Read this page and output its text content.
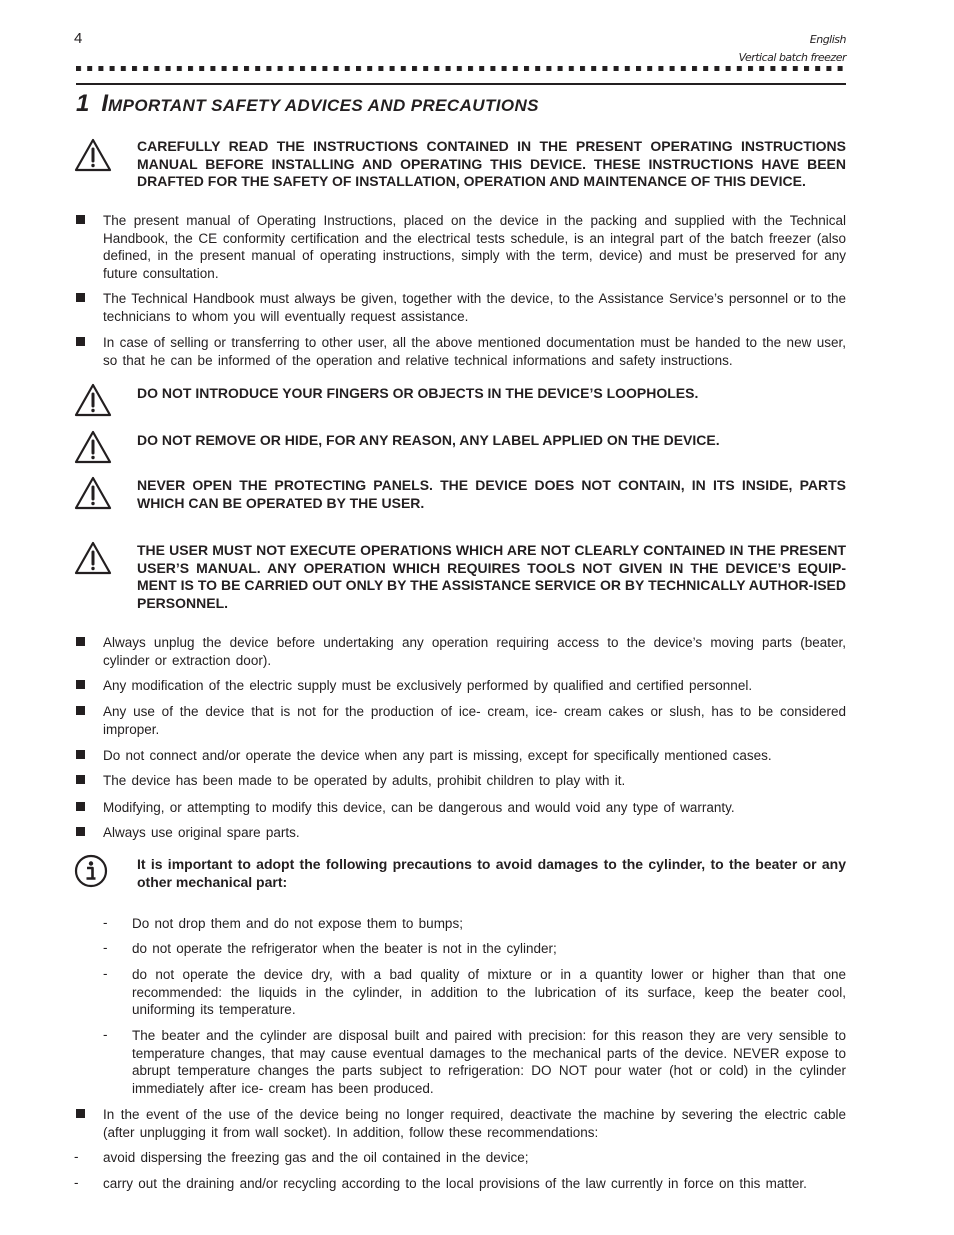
4	English
Vertical batch freezer
1 IMPORTANT SAFETY ADVICES AND PRECAUTIONS
CAREFULLY READ THE INSTRUCTIONS CONTAINED IN THE PRESENT OPERATING INSTRUCTIONS MANUAL BEFORE INSTALLING AND OPERATING THIS DEVICE. THESE INSTRUCTIONS HAVE BEEN DRAFTED FOR THE SAFETY OF INSTALLATION, OPERATION AND MAINTENANCE OF THIS DEVICE.
The present manual of Operating Instructions, placed on the device in the packing and supplied with the Technical Handbook, the CE conformity certification and the electrical tests schedule, is an integral part of the batch freezer (also defined, in the present manual of operating instructions, simply with the term, device) and must be preserved for any future consultation.
The Technical Handbook must always be given, together with the device, to the Assistance Service’s personnel or to the technicians to whom you will eventually request assistance.
In case of selling or transferring to other user, all the above mentioned documentation must be handed to the new user, so that he can be informed of the operation and relative technical informations and safety instructions.
DO NOT INTRODUCE YOUR FINGERS OR OBJECTS IN THE DEVICE’S LOOPHOLES.
DO NOT REMOVE OR HIDE, FOR ANY REASON, ANY LABEL APPLIED ON THE DEVICE.
NEVER OPEN THE PROTECTING PANELS. THE DEVICE DOES NOT CONTAIN, IN ITS INSIDE, PARTS WHICH CAN BE OPERATED BY THE USER.
THE USER MUST NOT EXECUTE OPERATIONS WHICH ARE NOT CLEARLY CONTAINED IN THE PRESENT USER’S MANUAL. ANY OPERATION WHICH REQUIRES TOOLS NOT GIVEN IN THE DEVICE’S EQUIP-MENT IS TO BE CARRIED OUT ONLY BY THE ASSISTANCE SERVICE OR BY TECHNICALLY AUTHOR-ISED PERSONNEL.
Always unplug the device before undertaking any operation requiring access to the device’s moving parts (beater, cylinder or extraction door).
Any modification of the electric supply must be exclusively performed by qualified and certified personnel.
Any use of the device that is not for the production of ice- cream, ice- cream cakes or slush, has to be considered improper.
Do not connect and/or operate the device when any part is missing, except for specifically mentioned cases.
The device has been made to be operated by adults, prohibit children to play with it.
Modifying, or attempting to modify this device, can be dangerous and would void any type of warranty.
Always use original spare parts.
It is important to adopt the following precautions to avoid damages to the cylinder, to the beater or any other mechanical part:
- Do not drop them and do not expose them to bumps;
- do not operate the refrigerator when the beater is not in the cylinder;
- do not operate the device dry, with a bad quality of mixture or in a quantity lower or higher than that one recommended: the liquids in the cylinder, in addition to the lubrication of its surface, keep the beater cool, uniforming its temperature.
- The beater and the cylinder are disposal built and paired with precision: for this reason they are very sensible to temperature changes, that may cause eventual damages to the mechanical parts of the device. NEVER expose to abrupt temperature changes the parts subject to refrigeration: DO NOT pour water (hot or cold) in the cylinder immediately after ice- cream has been produced.
In the event of the use of the device being no longer required, deactivate the machine by severing the electric cable (after unplugging it from wall socket). In addition, follow these recommendations:
- avoid dispersing the freezing gas and the oil contained in the device;
- carry out the draining and/or recycling according to the local provisions of the law currently in force on this matter.
